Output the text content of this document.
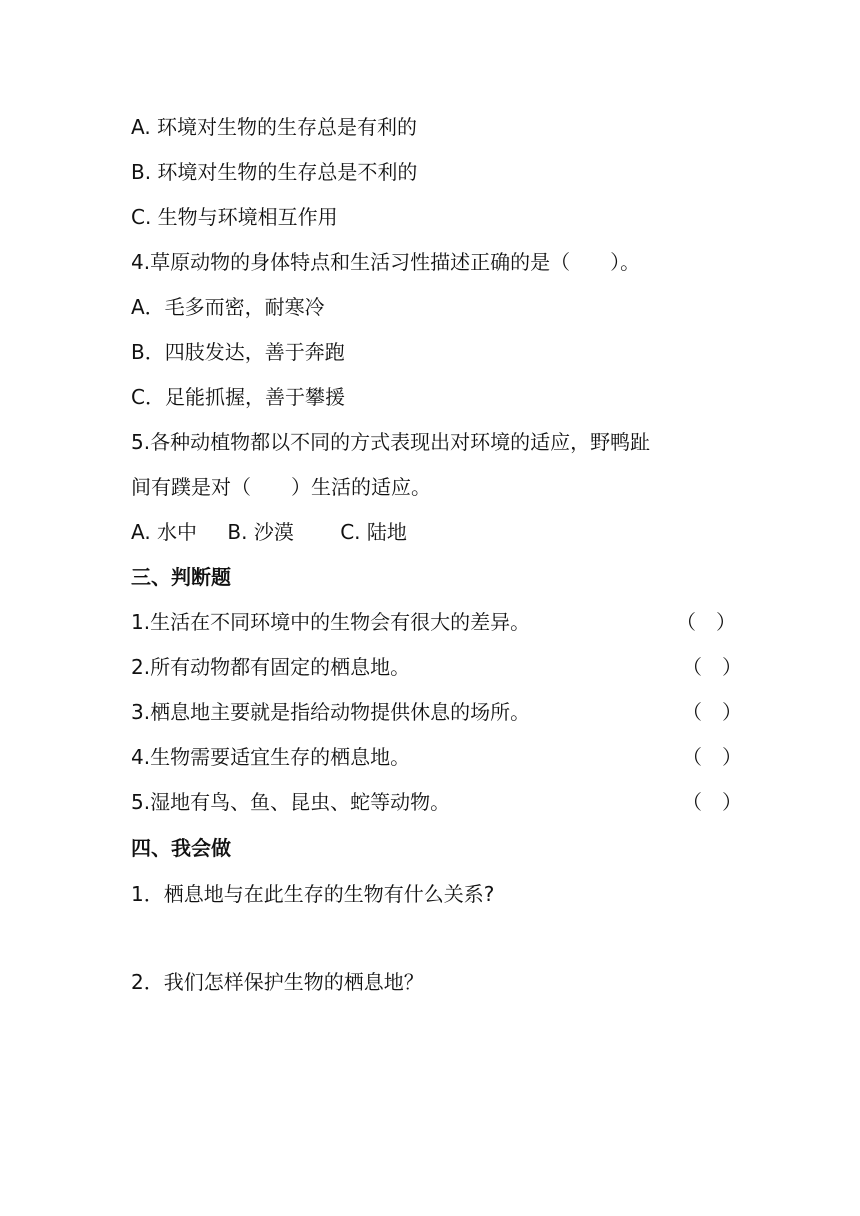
A. 环境对生物的生存总是有利的
B. 环境对生物的生存总是不利的
C. 生物与环境相互作用
4.草原动物的身体特点和生活习性描述正确的是（　　）。
A．毛多而密，耐寒冷
B．四肢发达，善于奔跑
C．足能抓握，善于攀援
5.各种动植物都以不同的方式表现出对环境的适应，野鸭趾
间有蹼是对（　　）生活的适应。
A. 水中 B. 沙漠 C. 陆地
三、判断题
1.生活在不同环境中的生物会有很大的差异。	（　）
2.所有动物都有固定的栖息地。	（　）
3.栖息地主要就是指给动物提供休息的场所。	（　）
4.生物需要适宜生存的栖息地。	（　）
5.湿地有鸟、鱼、昆虫、蛇等动物。	（　）
四、我会做
1．栖息地与在此生存的生物有什么关系?
2．我们怎样保护生物的栖息地？
